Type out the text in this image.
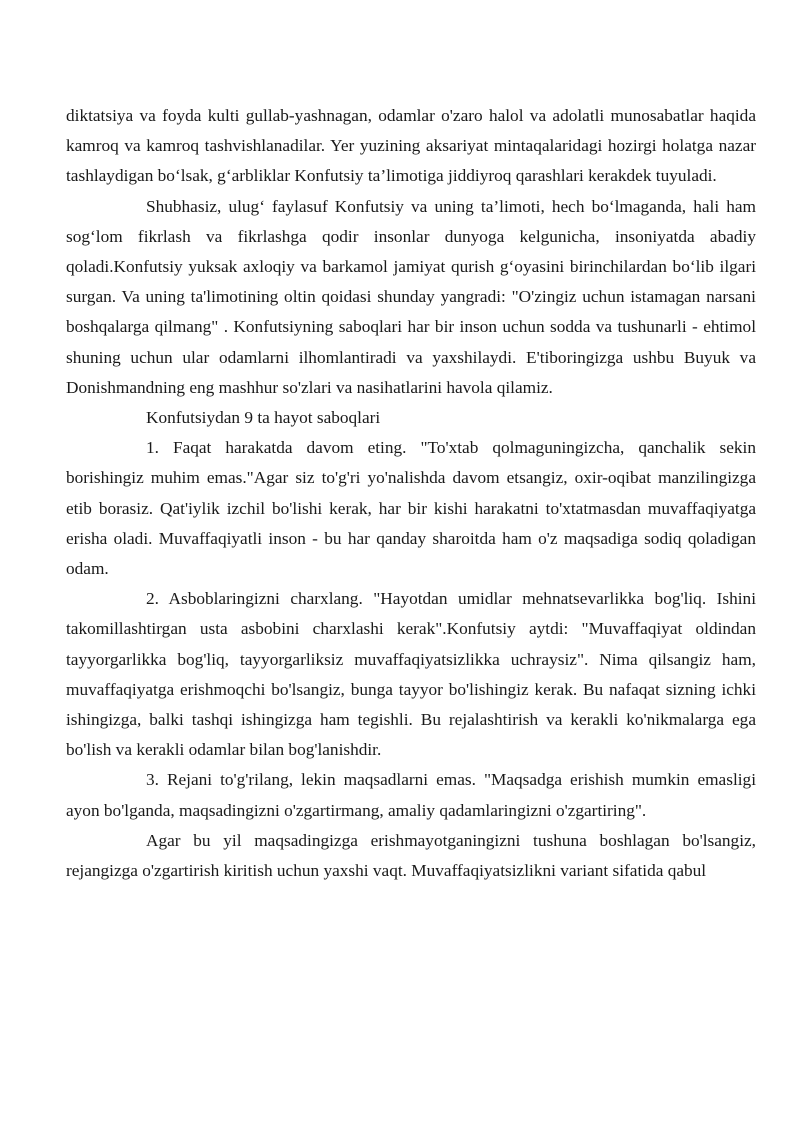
diktatsiya va foyda kulti gullab-yashnagan, odamlar o'zaro halol va adolatli munosabatlar haqida kamroq va kamroq tashvishlanadilar. Yer yuzining aksariyat mintaqalaridagi hozirgi holatga nazar tashlaydigan bo‘lsak, g‘arbliklar Konfutsiy ta’limotiga jiddiyroq qarashlari kerakdek tuyuladi.

Shubhasiz, ulugʻ faylasuf Konfutsiy va uning ta’limoti, hech bo‘lmaganda, hali ham sog‘lom fikrlash va fikrlashga qodir insonlar dunyoga kelgunicha, insoniyatda abadiy qoladi.Konfutsiy yuksak axloqiy va barkamol jamiyat qurish gʻoyasini birinchilardan bo‘lib ilgari surgan. Va uning ta'limotining oltin qoidasi shunday yangradi: "O'zingiz uchun istamagan narsani boshqalarga qilmang" . Konfutsiyning saboqlari har bir inson uchun sodda va tushunarli - ehtimol shuning uchun ular odamlarni ilhomlantiradi va yaxshilaydi. E'tiboringizga ushbu Buyuk va Donishmandning eng mashhur so'zlari va nasihatlarini havola qilamiz.

Konfutsiydan 9 ta hayot saboqlari

1. Faqat harakatda davom eting. "To'xtab qolmaguningizcha, qanchalik sekin borishingiz muhim emas."Agar siz to'g'ri yo'nalishda davom etsangiz, oxir-oqibat manzilingizga etib borasiz. Qat'iylik izchil bo'lishi kerak, har bir kishi harakatni to'xtatmasdan muvaffaqiyatga erisha oladi. Muvaffaqiyatli inson - bu har qanday sharoitda ham o'z maqsadiga sodiq qoladigan odam.

2. Asboblaringizni charxlang. "Hayotdan umidlar mehnatsevarlikka bog'liq. Ishini takomillashtirgan usta asbobini charxlashi kerak".Konfutsiy aytdi: "Muvaffaqiyat oldindan tayyorgarlikka bog'liq, tayyorgarliksiz muvaffaqiyatsizlikka uchraysiz". Nima qilsangiz ham, muvaffaqiyatga erishmoqchi bo'lsangiz, bunga tayyor bo'lishingiz kerak. Bu nafaqat sizning ichki ishingizga, balki tashqi ishingizga ham tegishli. Bu rejalashtirish va kerakli ko'nikmalarga ega bo'lish va kerakli odamlar bilan bog'lanishdir.

3. Rejani to'g'rilang, lekin maqsadlarni emas. "Maqsadga erishish mumkin emasligi ayon bo'lganda, maqsadingizni o'zgartirmang, amaliy qadamlaringizni o'zgartiring".

Agar bu yil maqsadingizga erishmayotganingizni tushuna boshlagan bo'lsangiz, rejangizga o'zgartirish kiritish uchun yaxshi vaqt. Muvaffaqiyatsizlikni variant sifatida qabul
